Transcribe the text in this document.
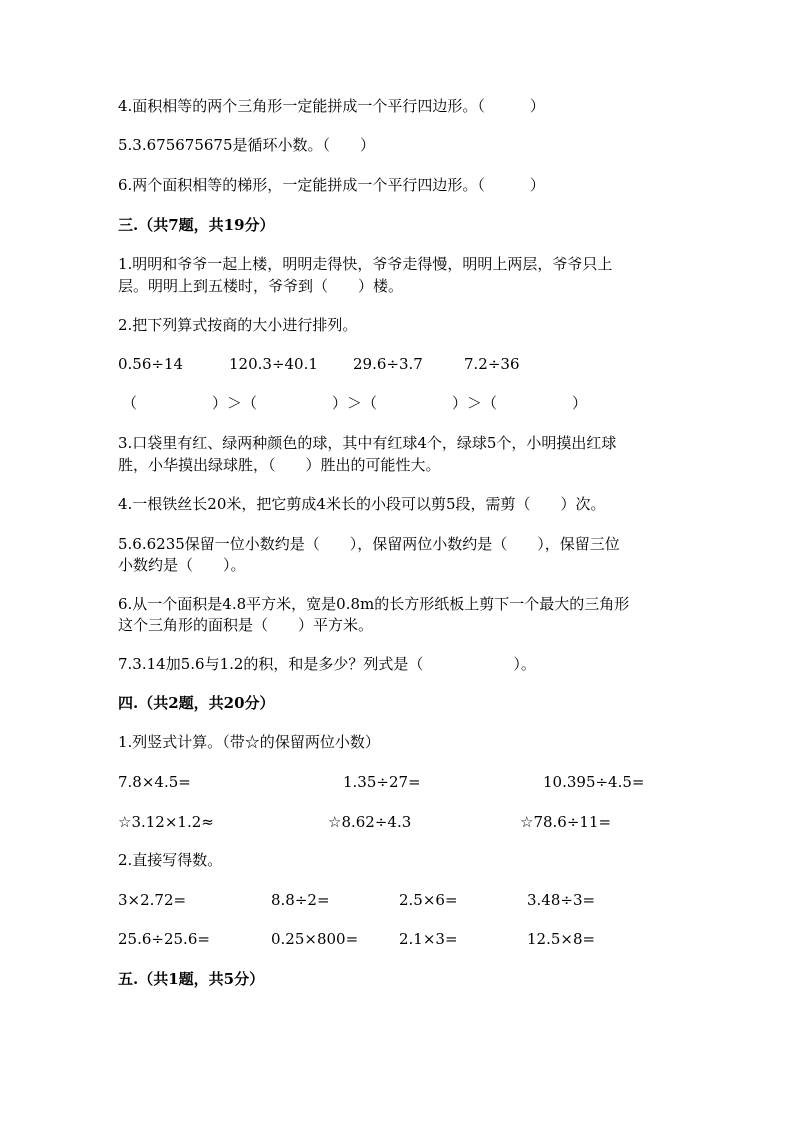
4.面积相等的两个三角形一定能拼成一个平行四边形。（　　　）
5.3.675675675是循环小数。（　　）
6.两个面积相等的梯形，一定能拼成一个平行四边形。（　　　）
三.（共7题，共19分）
1.明明和爷爷一起上楼，明明走得快，爷爷走得慢，明明上两层，爷爷只上
层。明明上到五楼时，爷爷到（　　）楼。
2.把下列算式按商的大小进行排列。
0.56÷14	120.3÷40.1 29.6÷3.7	7.2÷36
（　　　　　）＞（　　　　　）＞（　　　　　）＞（　　　　　）
3.口袋里有红、绿两种颜色的球，其中有红球4个，绿球5个，小明摸出红球
胜，小华摸出绿球胜，（　　）胜出的可能性大。
4.一根铁丝长20米，把它剪成4米长的小段可以剪5段，需剪（　　）次。
5.6.6235保留一位小数约是（　　），保留两位小数约是（　　），保留三位
小数约是（　　）。
6.从一个面积是4.8平方米，宽是0.8m的长方形纸板上剪下一个最大的三角形
这个三角形的面积是（　　）平方米。
7.3.14加5.6与1.2的积，和是多少？列式是（　　　　　　）。
四.（共2题，共20分）
1.列竖式计算。（带☆的保留两位小数）
7.8×4.5=	1.35÷27=	10.395÷4.5=
☆3.12×1.2≈	☆8.62÷4.3	☆78.6÷11=
2.直接写得数。
3×2.72=	8.8÷2=	2.5×6=	3.48÷3=
25.6÷25.6=	0.25×800=	2.1×3=	12.5×8=
五.（共1题，共5分）
